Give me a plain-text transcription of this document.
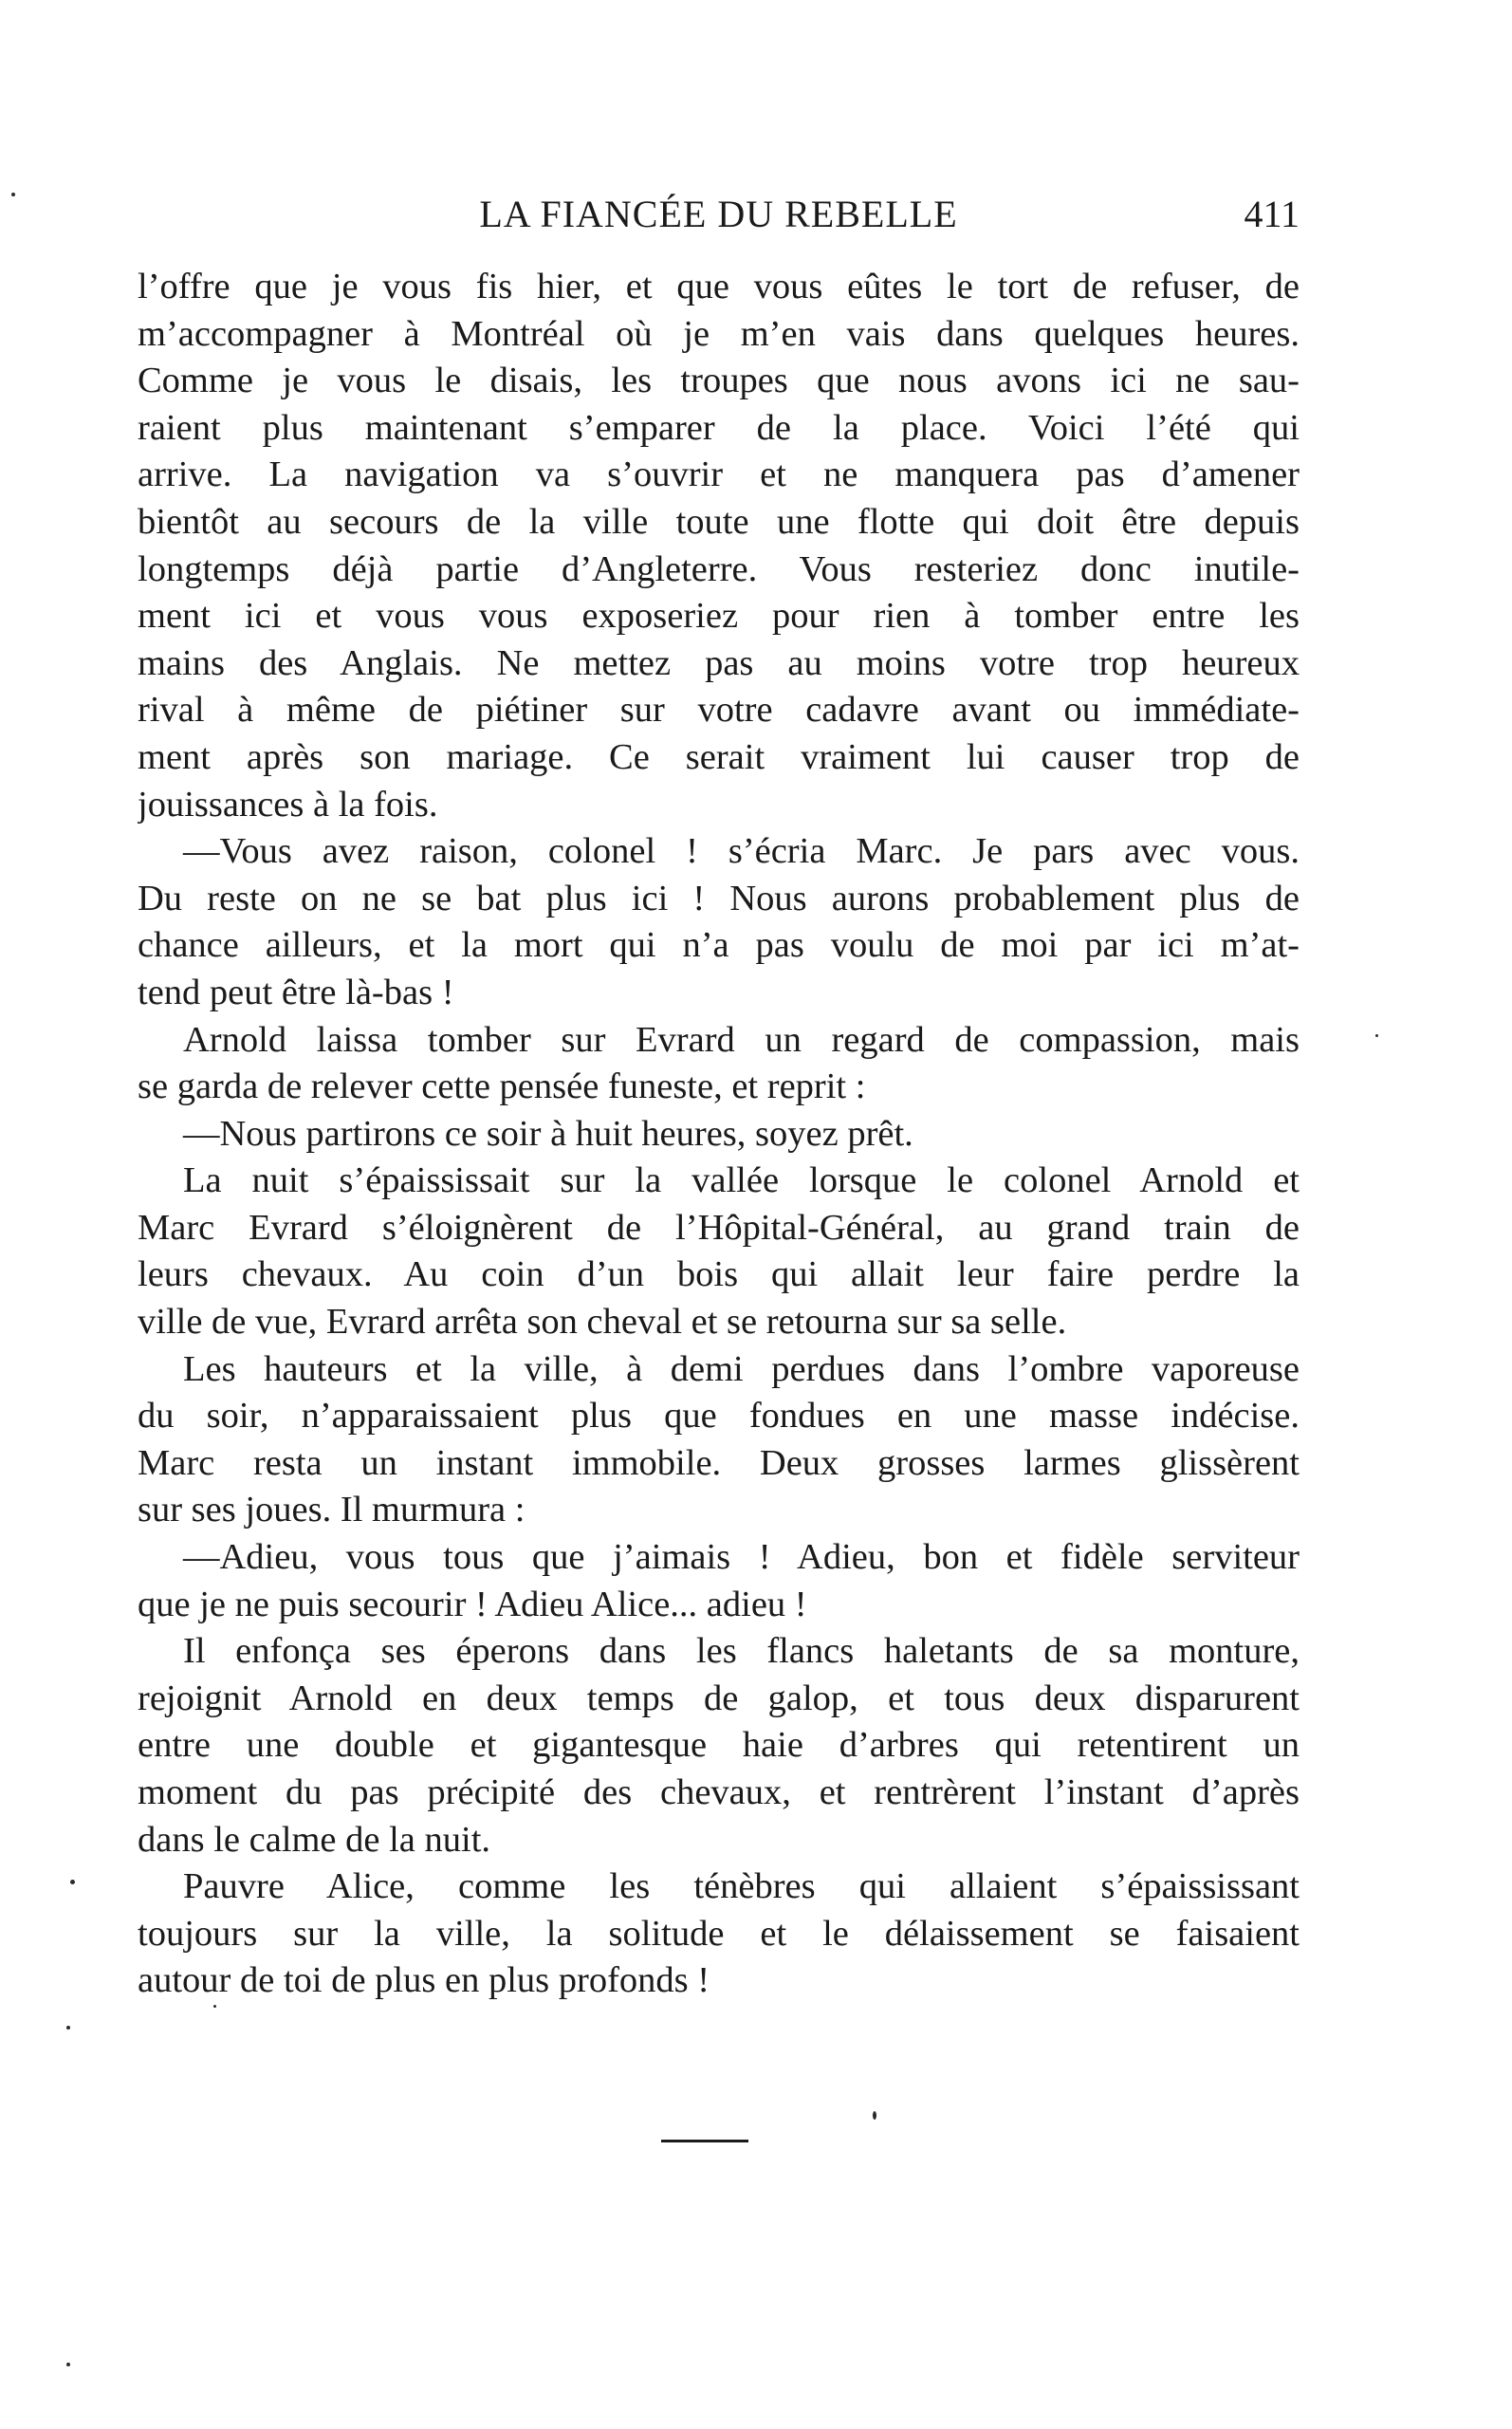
LA FIANCÉE DU REBELLE	411
l’offre que je vous fis hier, et que vous eûtes le tort de refuser, de
m’accompagner à Montréal où je m’en vais dans quelques heures.
Comme je vous le disais, les troupes que nous avons ici ne sau-
raient plus maintenant s’emparer de la place. Voici l’été qui
arrive. La navigation va s’ouvrir et ne manquera pas d’amener
bientôt au secours de la ville toute une flotte qui doit être depuis
longtemps déjà partie d’Angleterre. Vous resteriez donc inutile-
ment ici et vous vous exposeriez pour rien à tomber entre les
mains des Anglais. Ne mettez pas au moins votre trop heureux
rival à même de piétiner sur votre cadavre avant ou immédiate-
ment après son mariage. Ce serait vraiment lui causer trop de
jouissances à la fois.
—Vous avez raison, colonel ! s’écria Marc. Je pars avec vous.
Du reste on ne se bat plus ici ! Nous aurons probablement plus de
chance ailleurs, et la mort qui n’a pas voulu de moi par ici m’at-
tend peut être là-bas !
Arnold laissa tomber sur Evrard un regard de compassion, mais
se garda de relever cette pensée funeste, et reprit :
—Nous partirons ce soir à huit heures, soyez prêt.
La nuit s’épaississait sur la vallée lorsque le colonel Arnold et
Marc Evrard s’éloignèrent de l’Hôpital-Général, au grand train de
leurs chevaux. Au coin d’un bois qui allait leur faire perdre la
ville de vue, Evrard arrêta son cheval et se retourna sur sa selle.
Les hauteurs et la ville, à demi perdues dans l’ombre vaporeuse
du soir, n’apparaissaient plus que fondues en une masse indécise.
Marc resta un instant immobile. Deux grosses larmes glissèrent
sur ses joues. Il murmura :
—Adieu, vous tous que j’aimais ! Adieu, bon et fidèle serviteur
que je ne puis secourir ! Adieu Alice... adieu !
Il enfonça ses éperons dans les flancs haletants de sa monture,
rejoignit Arnold en deux temps de galop, et tous deux disparurent
entre une double et gigantesque haie d’arbres qui retentirent un
moment du pas précipité des chevaux, et rentrèrent l’instant d’après
dans le calme de la nuit.
Pauvre Alice, comme les ténèbres qui allaient s’épaississant
toujours sur la ville, la solitude et le délaissement se faisaient
autour de toi de plus en plus profonds !
